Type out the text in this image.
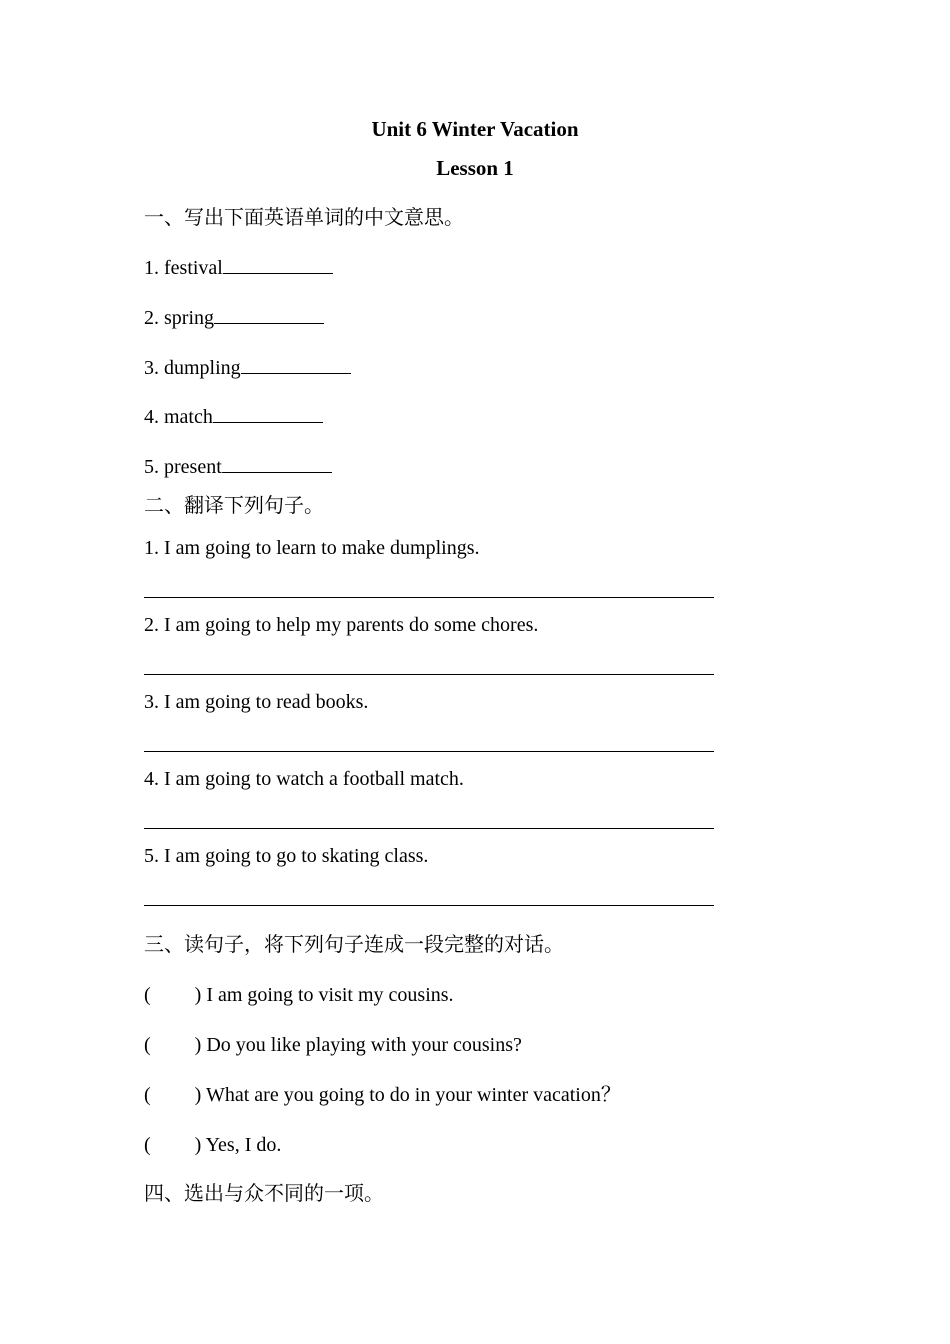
Unit 6 Winter Vacation
Lesson 1
一、写出下面英语单词的中文意思。
1. festival
2. spring
3. dumpling
4. match
5. present
二、翻译下列句子。
1. I am going to learn to make dumplings.
2. I am going to help my parents do some chores.
3. I am going to read books.
4. I am going to watch a football match.
5. I am going to go to skating class.
三、读句子，将下列句子连成一段完整的对话。
( ) I am going to visit my cousins.
( ) Do you like playing with your cousins?
( ) What are you going to do in your winter vacation？
( ) Yes, I do.
四、选出与众不同的一项。
